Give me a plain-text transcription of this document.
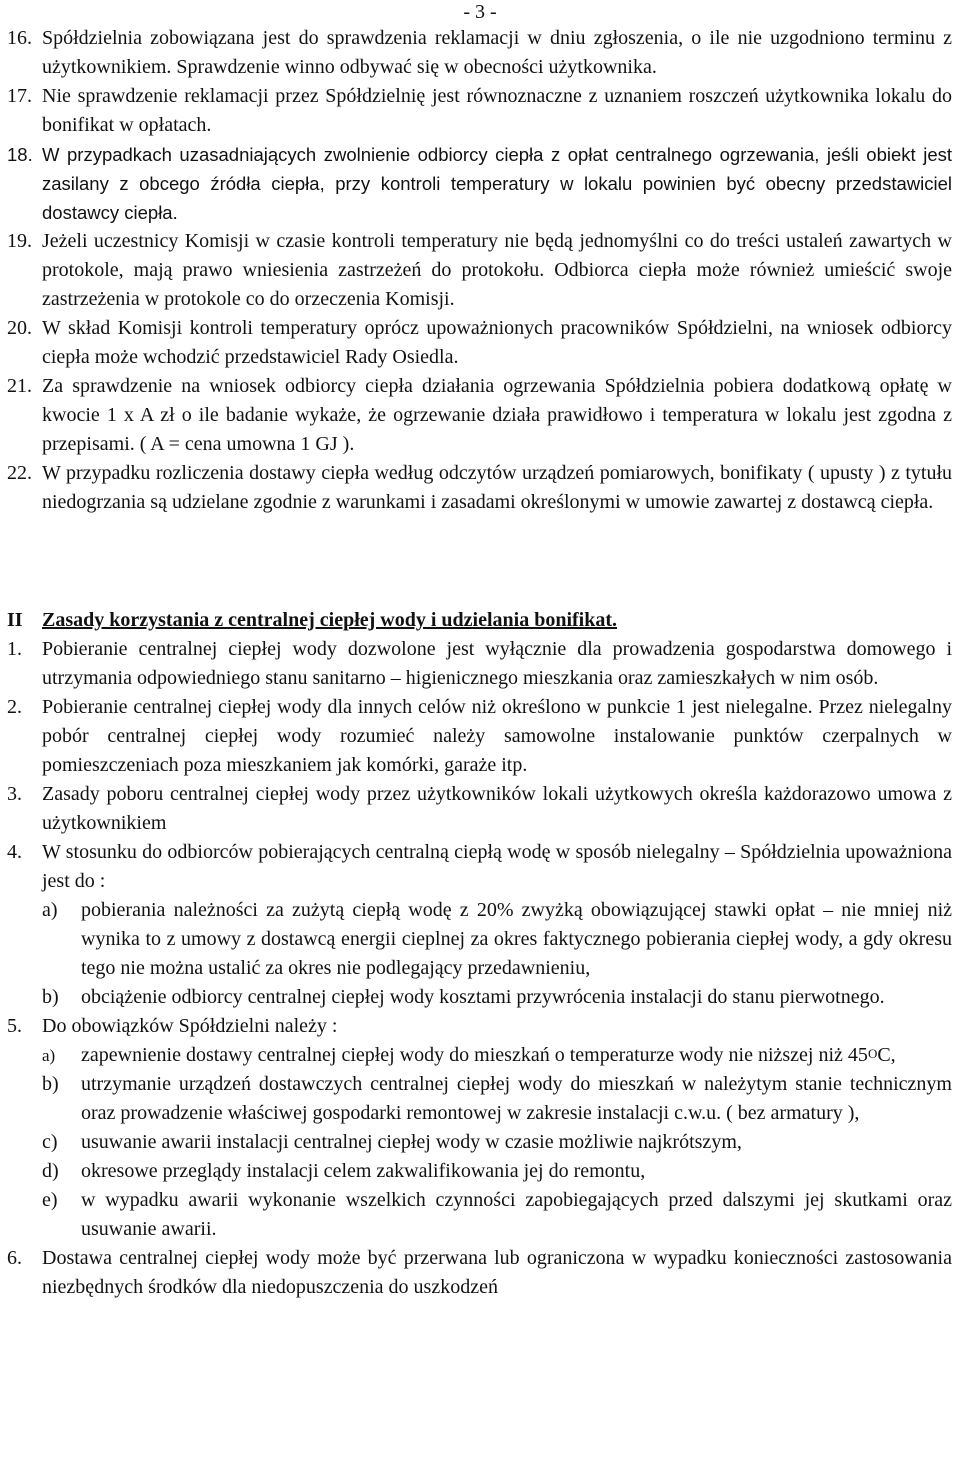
- 3 -
16. Spółdzielnia zobowiązana jest do sprawdzenia reklamacji w dniu zgłoszenia, o ile nie uzgodniono terminu z użytkownikiem. Sprawdzenie winno odbywać się w obecności użytkownika.
17. Nie sprawdzenie reklamacji przez Spółdzielnię jest równoznaczne z uznaniem roszczeń użytkownika lokalu do bonifikat w opłatach.
18. W przypadkach uzasadniających zwolnienie odbiorcy ciepła z opłat centralnego ogrzewania, jeśli obiekt jest zasilany z obcego źródła ciepła, przy kontroli temperatury w lokalu powinien być obecny przedstawiciel dostawcy ciepła.
19. Jeżeli uczestnicy Komisji w czasie kontroli temperatury nie będą jednomyślni co do treści ustaleń zawartych w protokole, mają prawo wniesienia zastrzeżeń do protokołu. Odbiorca ciepła może również umieścić swoje zastrzeżenia w protokole co do orzeczenia Komisji.
20. W skład Komisji kontroli temperatury oprócz upoważnionych pracowników Spółdzielni, na wniosek odbiorcy ciepła może wchodzić przedstawiciel Rady Osiedla.
21. Za sprawdzenie na wniosek odbiorcy ciepła działania ogrzewania Spółdzielnia pobiera dodatkową opłatę w kwocie 1 x A zł o ile badanie wykaże, że ogrzewanie działa prawidłowo i temperatura w lokalu jest zgodna z przepisami. ( A = cena umowna 1 GJ ).
22. W przypadku rozliczenia dostawy ciepła według odczytów urządzeń pomiarowych, bonifikaty ( upusty ) z tytułu niedogrzania są udzielane zgodnie z warunkami i zasadami określonymi w umowie zawartej z dostawcą ciepła.
II Zasady korzystania z centralnej ciepłej wody i udzielania bonifikat.
1. Pobieranie centralnej ciepłej wody dozwolone jest wyłącznie dla prowadzenia gospodarstwa domowego i utrzymania odpowiedniego stanu sanitarno – higienicznego mieszkania oraz zamieszkałych w nim osób.
2. Pobieranie centralnej ciepłej wody dla innych celów niż określono w punkcie 1 jest nielegalne. Przez nielegalny pobór centralnej ciepłej wody rozumieć należy samowolne instalowanie punktów czerpalnych w pomieszczeniach poza mieszkaniem jak komórki, garaże itp.
3. Zasady poboru centralnej ciepłej wody przez użytkowników lokali użytkowych określa każdorazowo umowa z użytkownikiem
4. W stosunku do odbiorców pobierających centralną ciepłą wodę w sposób nielegalny – Spółdzielnia upoważniona jest do :
a) pobierania należności za zużytą ciepłą wodę z 20% zwyżką obowiązującej stawki opłat – nie mniej niż wynika to z umowy z dostawcą energii cieplnej za okres faktycznego pobierania ciepłej wody, a gdy okresu tego nie można ustalić za okres nie podlegający przedawnieniu,
b) obciążenie odbiorcy centralnej ciepłej wody kosztami przywrócenia instalacji do stanu pierwotnego.
5. Do obowiązków Spółdzielni należy :
a) zapewnienie dostawy centralnej ciepłej wody do mieszkań o temperaturze wody nie niższej niż $45^OC$,
b) utrzymanie urządzeń dostawczych centralnej ciepłej wody do mieszkań w należytym stanie technicznym oraz prowadzenie właściwej gospodarki remontowej w zakresie instalacji c.w.u. ( bez armatury ),
c) usuwanie awarii instalacji centralnej ciepłej wody w czasie możliwie najkrótszym,
d) okresowe przeglądy instalacji celem zakwalifikowania jej do remontu,
e) w wypadku awarii wykonanie wszelkich czynności zapobiegających przed dalszymi jej skutkami oraz usuwanie awarii.
6. Dostawa centralnej ciepłej wody może być przerwana lub ograniczona w wypadku konieczności zastosowania niezbędnych środków dla niedopuszczenia do uszkodzeń
